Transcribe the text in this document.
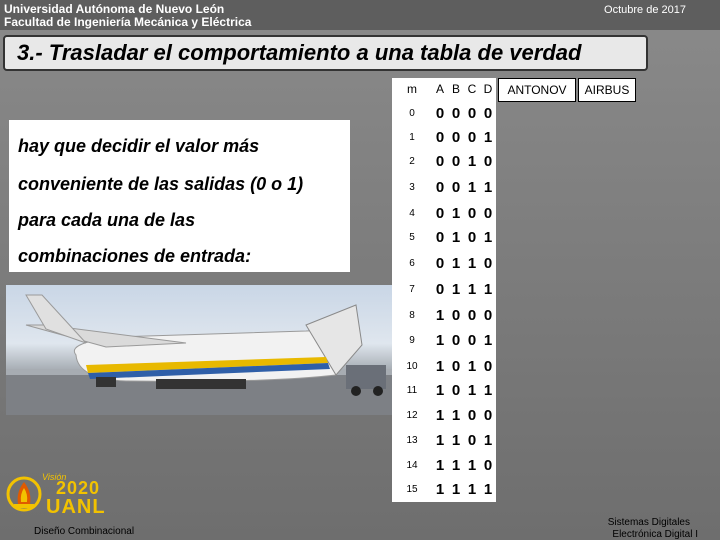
Universidad Autónoma de Nuevo León
Facultad de Ingeniería Mecánica y Eléctrica
Octubre de 2017
3.- Trasladar el comportamiento a una tabla de verdad
hay que decidir el valor más
conveniente de las salidas (0 o 1)
para cada una de las
combinaciones de entrada:
m	A B C D	ANTONOV	AIRBUS
0	0 0 0 0
1	0 0 0 1
2	0 0 1 0
3	0 0 1 1
4	0 1 0 0
5	0 1 0 1
6	0 1 1 0
7	0 1 1 1
8	1 0 0 0
9	1 0 0 1
10	1 0 1 0
11	1 0 1 1
12	1 1 0 0
13	1 1 0 1
14	1 1 1 0
15	1 1 1 1
Visión
2020
UANL
Diseño Combinacional
Sistemas Digitales
Electrónica Digital I
